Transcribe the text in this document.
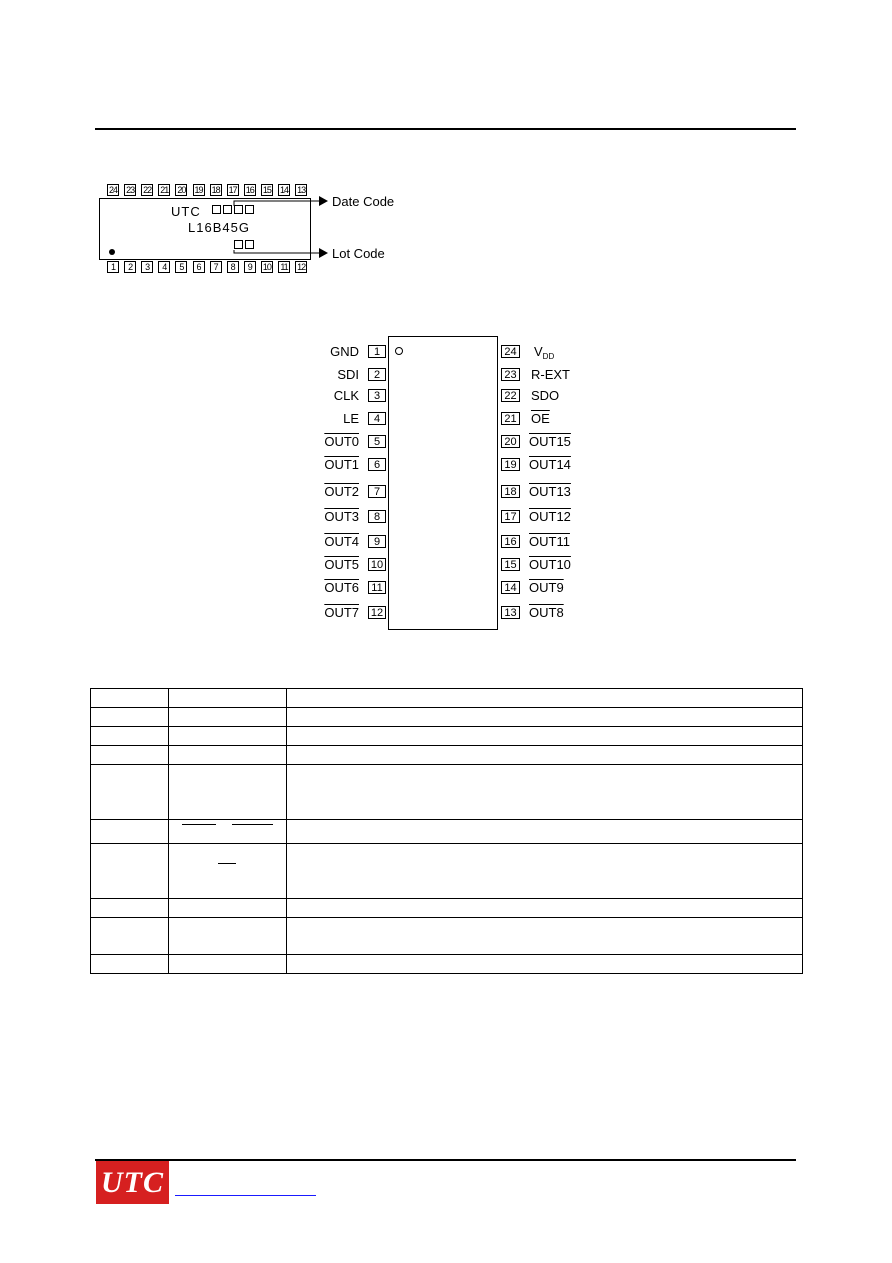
24 23 22 21 20 19 18 17 16 15 14 13
1	2	3	4	5	6	7	8	9	10 11 12
UTC
L16B45G
Date Code
Lot Code
1
GND
2
SDI
3
CLK
4
LE
5
OUT0
6
OUT1
7
OUT2
8
OUT3
9
OUT4
10
OUT5
11
OUT6
12
OUT7
24 $V_{DD}$
23 R-EXT
22 SDO
21 $\overline{OE}$
20 OUT15
19 OUT14
18 OUT13
17 OUT12
16 OUT11
15 OUT10
14 OUT9
13 OUT8

UTC
